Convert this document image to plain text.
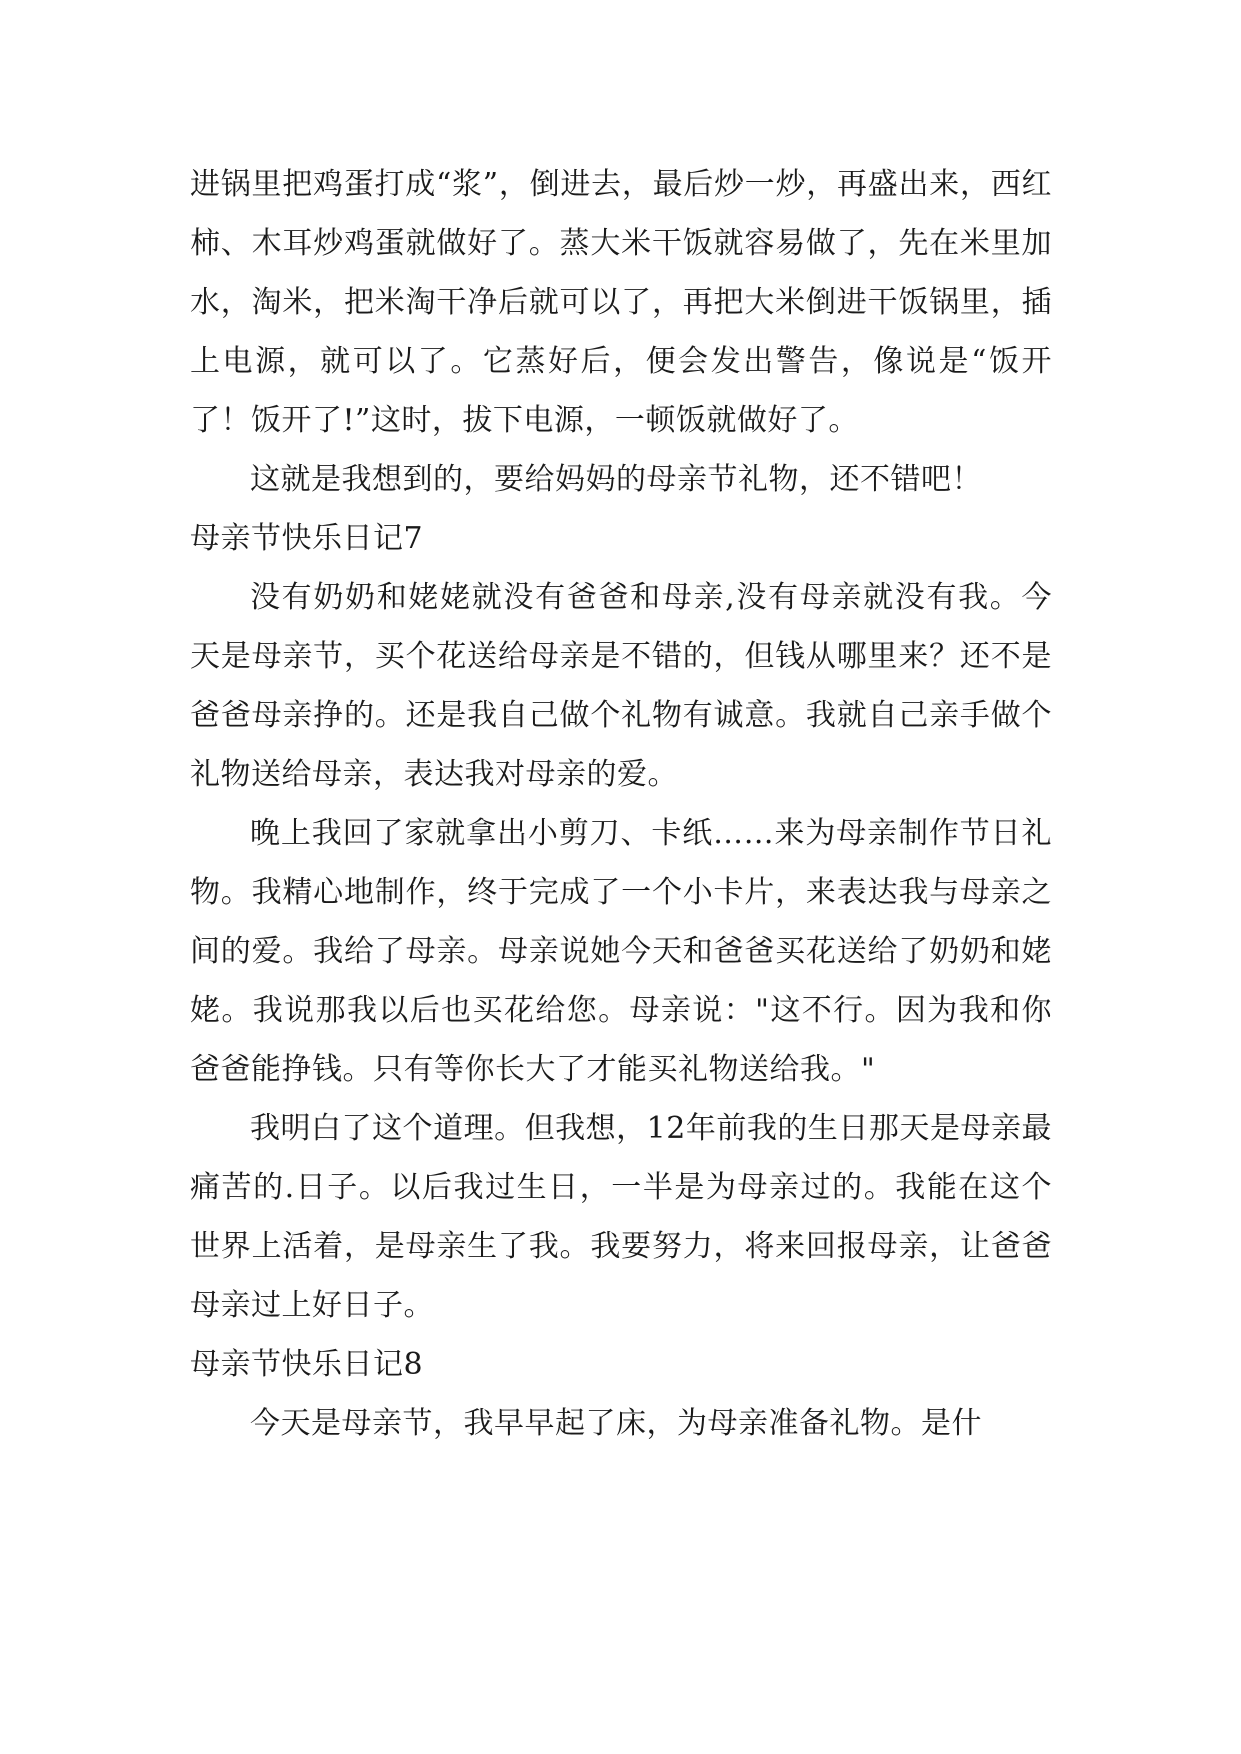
进锅里把鸡蛋打成“浆”，倒进去，最后炒一炒，再盛出来，西红柿、木耳炒鸡蛋就做好了。蒸大米干饭就容易做了，先在米里加水，淘米，把米淘干净后就可以了，再把大米倒进干饭锅里，插上电源，就可以了。它蒸好后，便会发出警告，像说是“饭开了！饭开了!”这时，拔下电源，一顿饭就做好了。

这就是我想到的，要给妈妈的母亲节礼物，还不错吧！

母亲节快乐日记7

没有奶奶和姥姥就没有爸爸和母亲,没有母亲就没有我。今天是母亲节，买个花送给母亲是不错的，但钱从哪里来？还不是爸爸母亲挣的。还是我自己做个礼物有诚意。我就自己亲手做个礼物送给母亲，表达我对母亲的爱。

晚上我回了家就拿出小剪刀、卡纸……来为母亲制作节日礼物。我精心地制作，终于完成了一个小卡片，来表达我与母亲之间的爱。我给了母亲。母亲说她今天和爸爸买花送给了奶奶和姥姥。我说那我以后也买花给您。母亲说："这不行。因为我和你爸爸能挣钱。只有等你长大了才能买礼物送给我。"

我明白了这个道理。但我想，12年前我的生日那天是母亲最痛苦的.日子。以后我过生日，一半是为母亲过的。我能在这个世界上活着，是母亲生了我。我要努力，将来回报母亲，让爸爸母亲过上好日子。

母亲节快乐日记8

今天是母亲节，我早早起了床，为母亲准备礼物。是什
